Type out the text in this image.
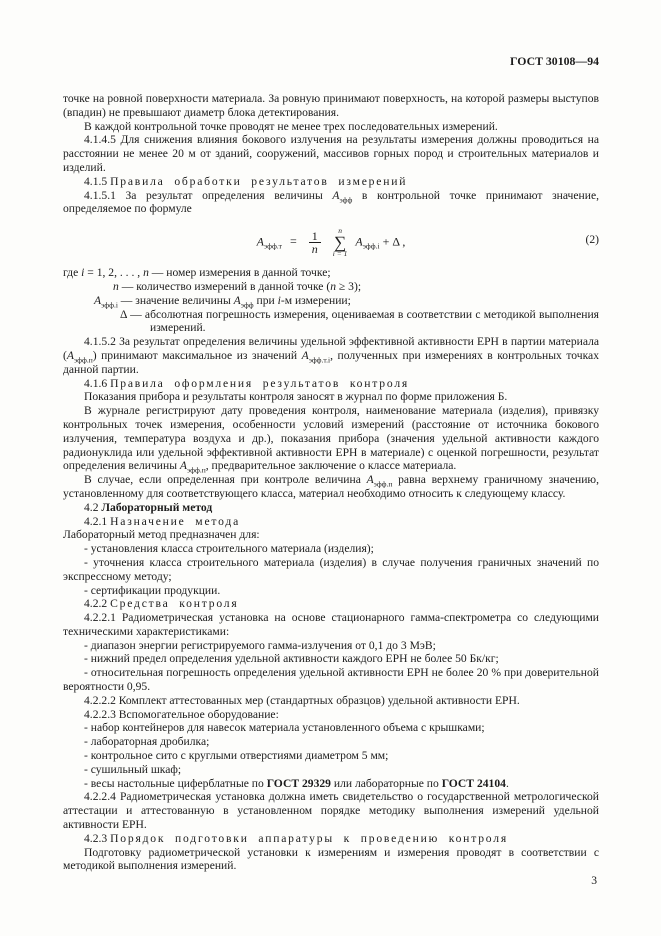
ГОСТ 30108—94

точке на ровной поверхности материала. За ровную принимают поверхность, на которой размеры выступов (впадин) не превышают диаметр блока детектирования.

В каждой контрольной точке проводят не менее трех последовательных измерений.

4.1.4.5 Для снижения влияния бокового излучения на результаты измерения должны проводиться на расстоянии не менее 20 м от зданий, сооружений, массивов горных пород и строительных материалов и изделий.

4.1.5 Правила обработки результатов измерений

4.1.5.1 За результат определения величины $A_{эфф}$ в контрольной точке принимают значение, определяемое по формуле

$A_{эфф.т} = \frac{1}{n}$ n
∑
i = 1 $A_{эфф.i} + \Delta$ ,	(2)

где i = 1, 2, . . . , n — номер измерения в данной точке;

n — количество измерений в данной точке (n ≥ 3);

$A_{эфф.i}$ — значение величины $A_{эфф}$ при i-м измерении;

Δ — абсолютная погрешность измерения, оцениваемая в соответствии с методикой выполнения измерений.

4.1.5.2 За результат определения величины удельной эффективной активности ЕРН в партии материала $(A_{эфф.п})$ принимают максимальное из значений $A_{эфф.т.i}$, полученных при измерениях в контрольных точках данной партии.

4.1.6 Правила оформления результатов контроля

Показания прибора и результаты контроля заносят в журнал по форме приложения Б.

В журнале регистрируют дату проведения контроля, наименование материала (изделия), привязку контрольных точек измерения, особенности условий измерений (расстояние от источника бокового излучения, температура воздуха и др.), показания прибора (значения удельной активности каждого радионуклида или удельной эффективной активности ЕРН в материале) с оценкой погрешности, результат определения величины $A_{эфф.п}$, предварительное заключение о классе материала.

В случае, если определенная при контроле величина $A_{эфф.п}$ равна верхнему граничному значению, установленному для соответствующего класса, материал необходимо относить к следующему классу.

4.2 Лабораторный метод

4.2.1 Назначение метода

Лабораторный метод предназначен для:

- установления класса строительного материала (изделия);

- уточнения класса строительного материала (изделия) в случае получения граничных значений по экспрессному методу;

- сертификации продукции.

4.2.2 Средства контроля

4.2.2.1 Радиометрическая установка на основе стационарного гамма-спектрометра со следующими техническими характеристиками:

- диапазон энергии регистрируемого гамма-излучения от 0,1 до 3 МэВ;

- нижний предел определения удельной активности каждого ЕРН не более 50 Бк/кг;

- относительная погрешность определения удельной активности ЕРН не более 20 % при доверительной вероятности 0,95.

4.2.2.2 Комплект аттестованных мер (стандартных образцов) удельной активности ЕРН.

4.2.2.3 Вспомогательное оборудование:

- набор контейнеров для навесок материала установленного объема с крышками;

- лабораторная дробилка;

- контрольное сито с круглыми отверстиями диаметром 5 мм;

- сушильный шкаф;

- весы настольные циферблатные по ГОСТ 29329 или лабораторные по ГОСТ 24104.

4.2.2.4 Радиометрическая установка должна иметь свидетельство о государственной метрологической аттестации и аттестованную в установленном порядке методику выполнения измерений удельной активности ЕРН.

4.2.3 Порядок подготовки аппаратуры к проведению контроля

Подготовку радиометрической установки к измерениям и измерения проводят в соответствии с методикой выполнения измерений.

3
